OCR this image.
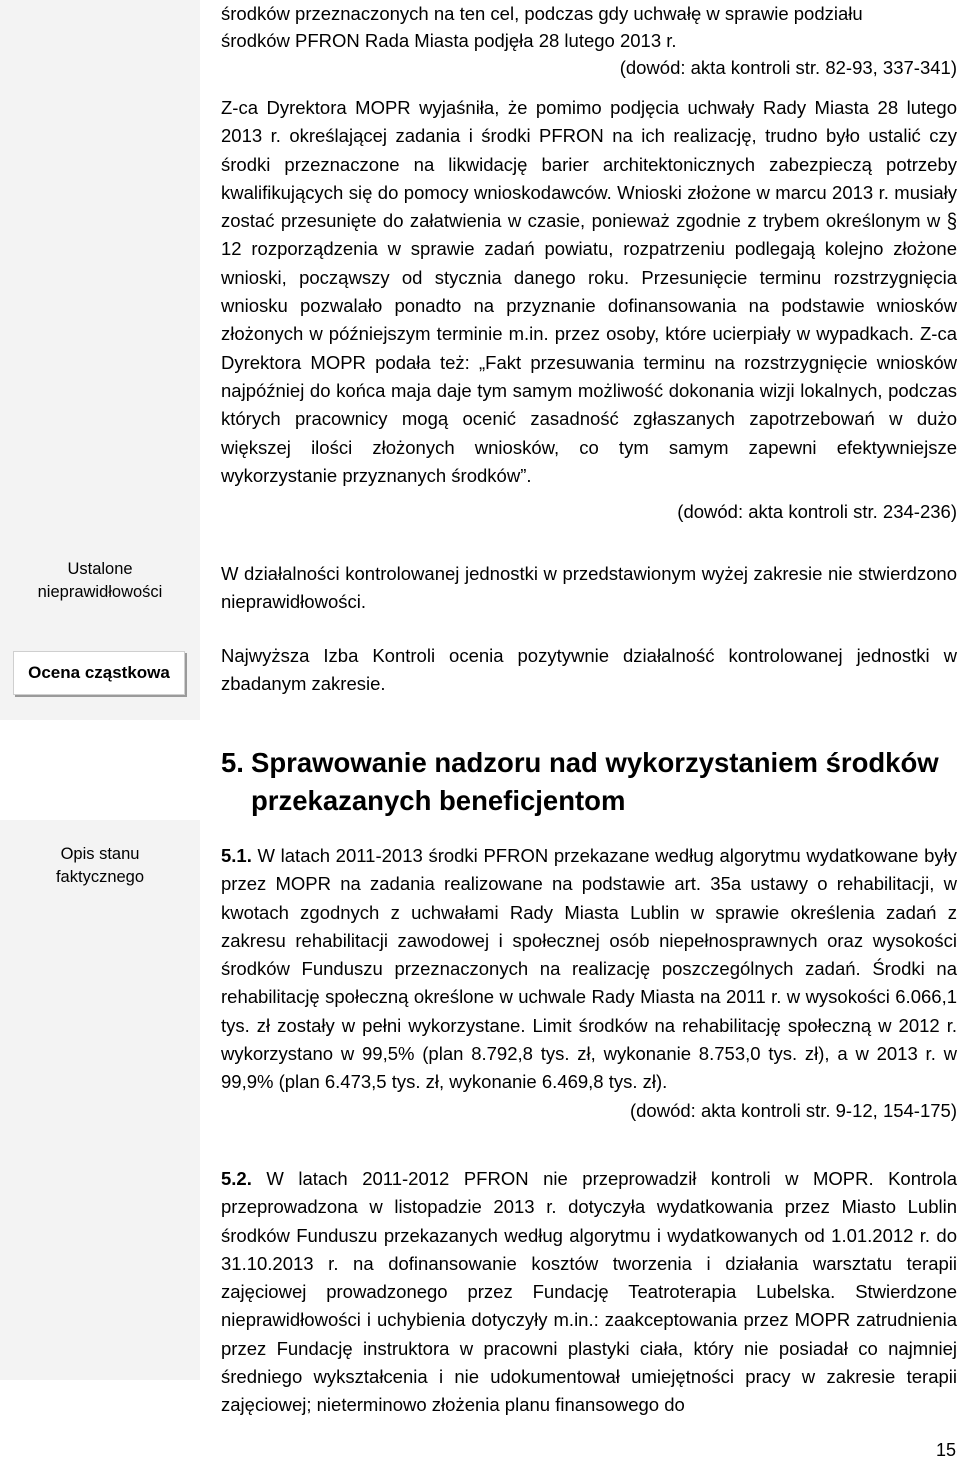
Ustalone nieprawidłowości
Ocena cząstkowa
Opis stanu faktycznego

środków przeznaczonych na ten cel, podczas gdy uchwałę w sprawie podziału

środków PFRON Rada Miasta podjęła 28 lutego 2013 r.

(dowód: akta kontroli str. 82-93, 337-341)

Z-ca Dyrektora MOPR wyjaśniła, że pomimo podjęcia uchwały Rady Miasta 28 lutego 2013 r. określającej zadania i środki PFRON na ich realizację, trudno było ustalić czy środki przeznaczone na likwidację barier architektonicznych zabezpieczą potrzeby kwalifikujących się do pomocy wnioskodawców. Wnioski złożone w marcu 2013 r. musiały zostać przesunięte do załatwienia w czasie, ponieważ zgodnie z trybem określonym w § 12 rozporządzenia w sprawie zadań powiatu, rozpatrzeniu podlegają kolejno złożone wnioski, począwszy od stycznia danego roku. Przesunięcie terminu rozstrzygnięcia wniosku pozwalało ponadto na przyznanie dofinansowania na podstawie wniosków złożonych w późniejszym terminie m.in. przez osoby, które ucierpiały w wypadkach. Z-ca Dyrektora MOPR podała też: „Fakt przesuwania terminu na rozstrzygnięcie wniosków najpóźniej do końca maja daje tym samym możliwość dokonania wizji lokalnych, podczas których pracownicy mogą ocenić zasadność zgłaszanych zapotrzebowań w dużo większej ilości złożonych wniosków, co tym samym zapewni efektywniejsze wykorzystanie przyznanych środków”.

(dowód: akta kontroli str. 234-236)

W działalności kontrolowanej jednostki w przedstawionym wyżej zakresie nie stwierdzono nieprawidłowości.

Najwyższa Izba Kontroli ocenia pozytywnie działalność kontrolowanej jednostki w zbadanym zakresie.

5. Sprawowanie nadzoru nad wykorzystaniem środków
przekazanych beneficjentom

5.1. W latach 2011-2013 środki PFRON przekazane według algorytmu wydatkowane były przez MOPR na zadania realizowane na podstawie art. 35a ustawy o rehabilitacji, w kwotach zgodnych z uchwałami Rady Miasta Lublin w sprawie określenia zadań z zakresu rehabilitacji zawodowej i społecznej osób niepełnosprawnych oraz wysokości środków Funduszu przeznaczonych na realizację poszczególnych zadań. Środki na rehabilitację społeczną określone w uchwale Rady Miasta na 2011 r. w wysokości 6.066,1 tys. zł zostały w pełni wykorzystane. Limit środków na rehabilitację społeczną w 2012 r. wykorzystano w 99,5% (plan 8.792,8 tys. zł, wykonanie 8.753,0 tys. zł), a w 2013 r. w 99,9% (plan 6.473,5 tys. zł, wykonanie 6.469,8 tys. zł).

(dowód: akta kontroli str. 9-12, 154-175)

5.2. W latach 2011-2012 PFRON nie przeprowadził kontroli w MOPR. Kontrola przeprowadzona w listopadzie 2013 r. dotyczyła wydatkowania przez Miasto Lublin środków Funduszu przekazanych według algorytmu i wydatkowanych od 1.01.2012 r. do 31.10.2013 r. na dofinansowanie kosztów tworzenia i działania warsztatu terapii zajęciowej prowadzonego przez Fundację Teatroterapia Lubelska. Stwierdzone nieprawidłowości i uchybienia dotyczyły m.in.: zaakceptowania przez MOPR zatrudnienia przez Fundację instruktora w pracowni plastyki ciała, który nie posiadał co najmniej średniego wykształcenia i nie udokumentował umiejętności pracy w zakresie terapii zajęciowej; nieterminowo złożenia planu finansowego do

15
